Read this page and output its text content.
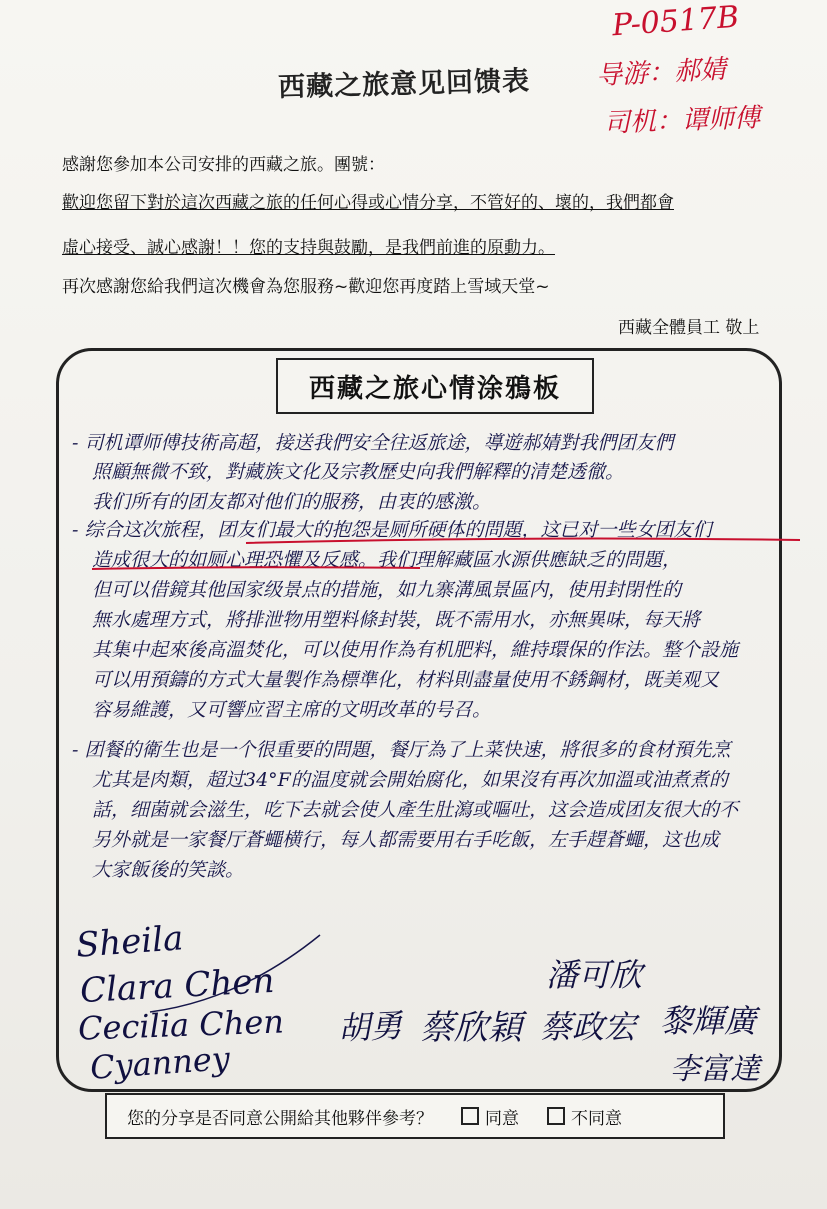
P-0517B
导游：郝婧
司机：谭师傅
西藏之旅意见回馈表
感謝您參加本公司安排的西藏之旅。團號：
歡迎您留下對於這次西藏之旅的任何心得或心情分享，不管好的、壞的，我們都會
虛心接受、誠心感謝！！您的支持與鼓勵，是我們前進的原動力。
再次感謝您給我們這次機會為您服務~歡迎您再度踏上雪域天堂~
西藏全體員工 敬上
西藏之旅心情涂鴉板
- 司机谭师傅技術高超，接送我們安全往返旅途，導遊郝婧對我們团友們
照顧無微不致，對藏族文化及宗教歷史向我們解釋的清楚透徹。
我们所有的团友都对他们的服務，由衷的感激。
- 综合这次旅程，团友们最大的抱怨是厕所硬体的問題，这已对一些女团友们
造成很大的如厕心理恐懼及反感。我们理解藏區水源供應缺乏的問題，
但可以借鏡其他国家级景点的措施，如九寨溝風景區内，使用封閉性的
無水處理方式，將排泄物用塑料條封裝，既不需用水，亦無異味，每天將
其集中起來後高溫焚化，可以使用作為有机肥料，維持環保的作法。整个設施
可以用預鑄的方式大量製作為標準化，材料則盡量使用不銹鋼材，既美观又
容易維護，又可響应習主席的文明改革的号召。
- 团餐的衛生也是一个很重要的問題，餐厅為了上菜快速，將很多的食材預先烹
尤其是肉類，超过34°F的温度就会開始腐化，如果沒有再次加溫或油煮煮的
話，细菌就会滋生，吃下去就会使人產生肚瀉或嘔吐，这会造成团友很大的不
另外就是一家餐厅蒼蠅横行，每人都需要用右手吃飯，左手趕蒼蠅，这也成
大家飯後的笑談。
Sheila
Clara Chen
Cecilia Chen
Cyanney
潘可欣
胡勇 蔡欣穎 蔡政宏 黎輝廣
李富達
您的分享是否同意公開給其他夥伴參考？	同意	不同意
